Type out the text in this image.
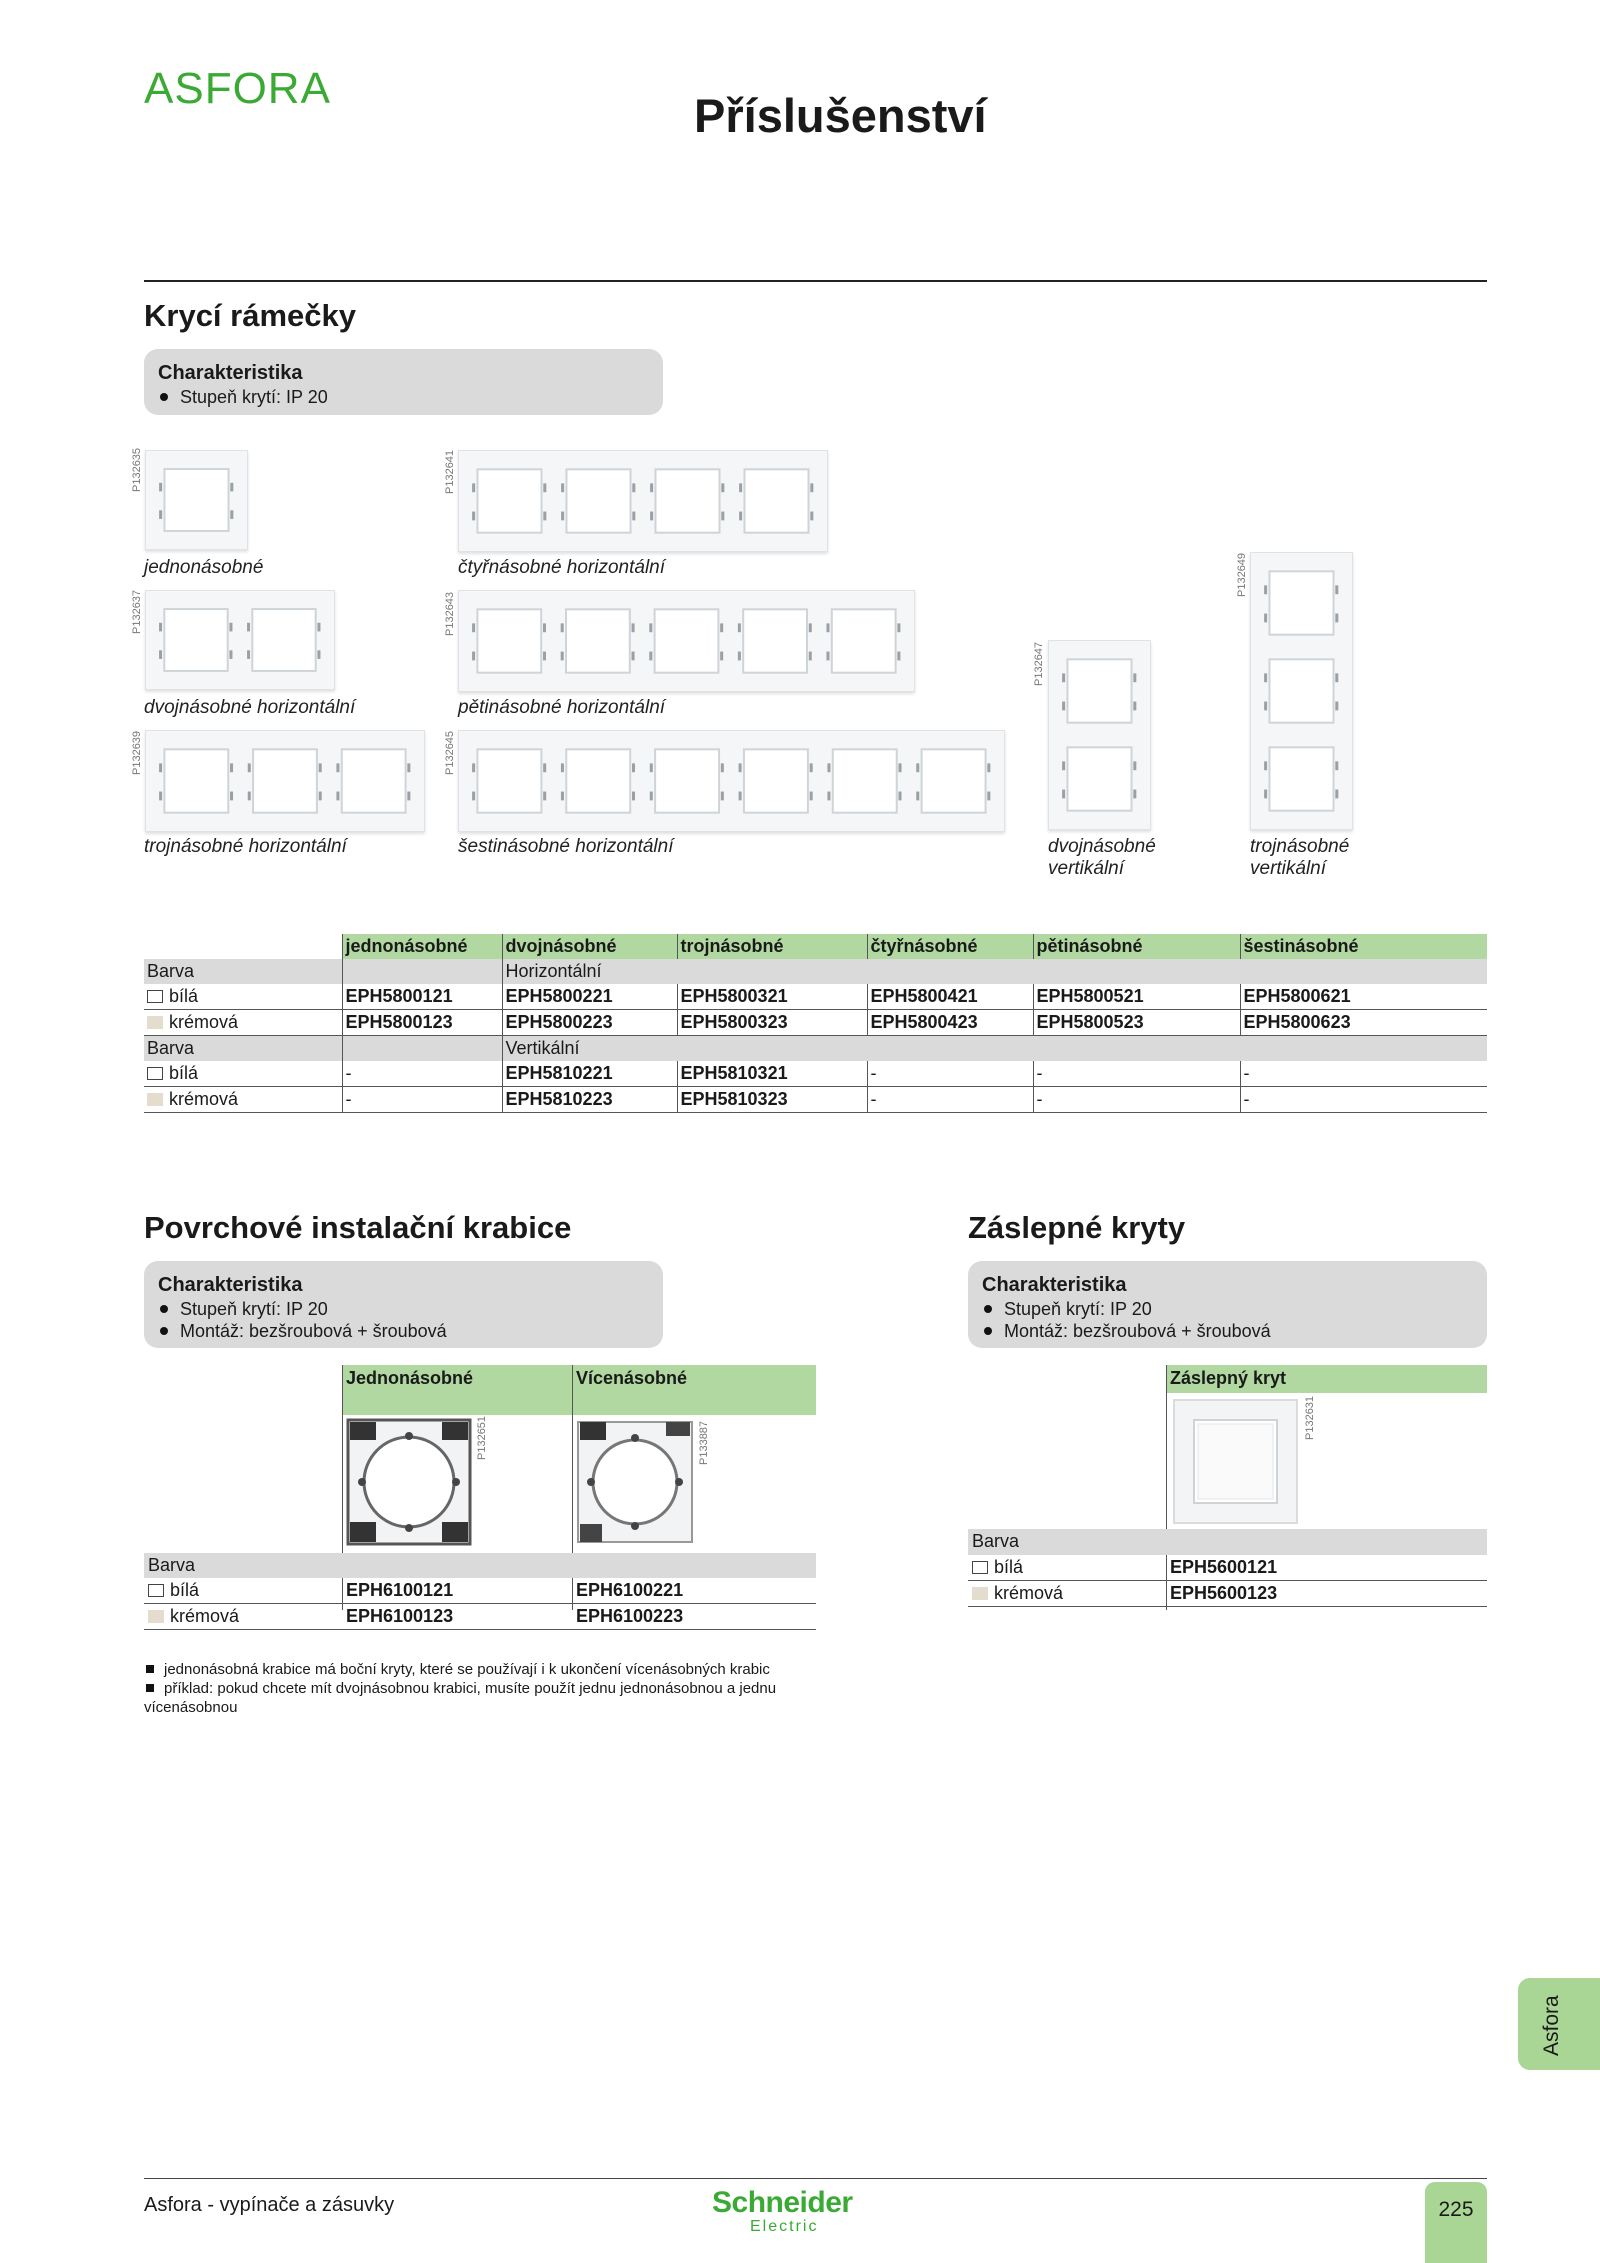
ASFORA
Příslušenství
Krycí rámečky
Charakteristika
Stupeň krytí: IP 20
P132635
jednonásobné
P132641
čtyřnásobné horizontální
P132637
dvojnásobné horizontální
P132643
pětinásobné horizontální
P132639
trojnásobné horizontální
P132645
šestinásobné horizontální
P132647
dvojnásobné
vertikální
P132649
trojnásobné
vertikální
	jednonásobné	dvojnásobné	trojnásobné	čtyřnásobné	pětinásobné	šestinásobné
Barva		Horizontální				
bílá	EPH5800121	EPH5800221	EPH5800321	EPH5800421	EPH5800521	EPH5800621
krémová	EPH5800123	EPH5800223	EPH5800323	EPH5800423	EPH5800523	EPH5800623
Barva		Vertikální				
bílá	-	EPH5810221	EPH5810321	-	-	-
krémová	-	EPH5810223	EPH5810323	-	-	-
Povrchové instalační krabice
Charakteristika
Stupeň krytí: IP 20
Montáž: bezšroubová + šroubová
Jednonásobné	Vícenásobné
P132651	P133887
Barva
bílá	EPH6100121	EPH6100221
krémová	EPH6100123	EPH6100223
jednonásobná krabice má boční kryty, které se používají i k ukončení vícenásobných krabic
příklad: pokud chcete mít dvojnásobnou krabici, musíte použít jednu jednonásobnou a jednu
vícenásobnou
Záslepné kryty
Charakteristika
Stupeň krytí: IP 20
Montáž: bezšroubová + šroubová
Záslepný kryt
P132631
Barva
bílá	EPH5600121
krémová	EPH5600123
Asfora
Asfora - vypínače a zásuvky	Schneider
Electric
225
